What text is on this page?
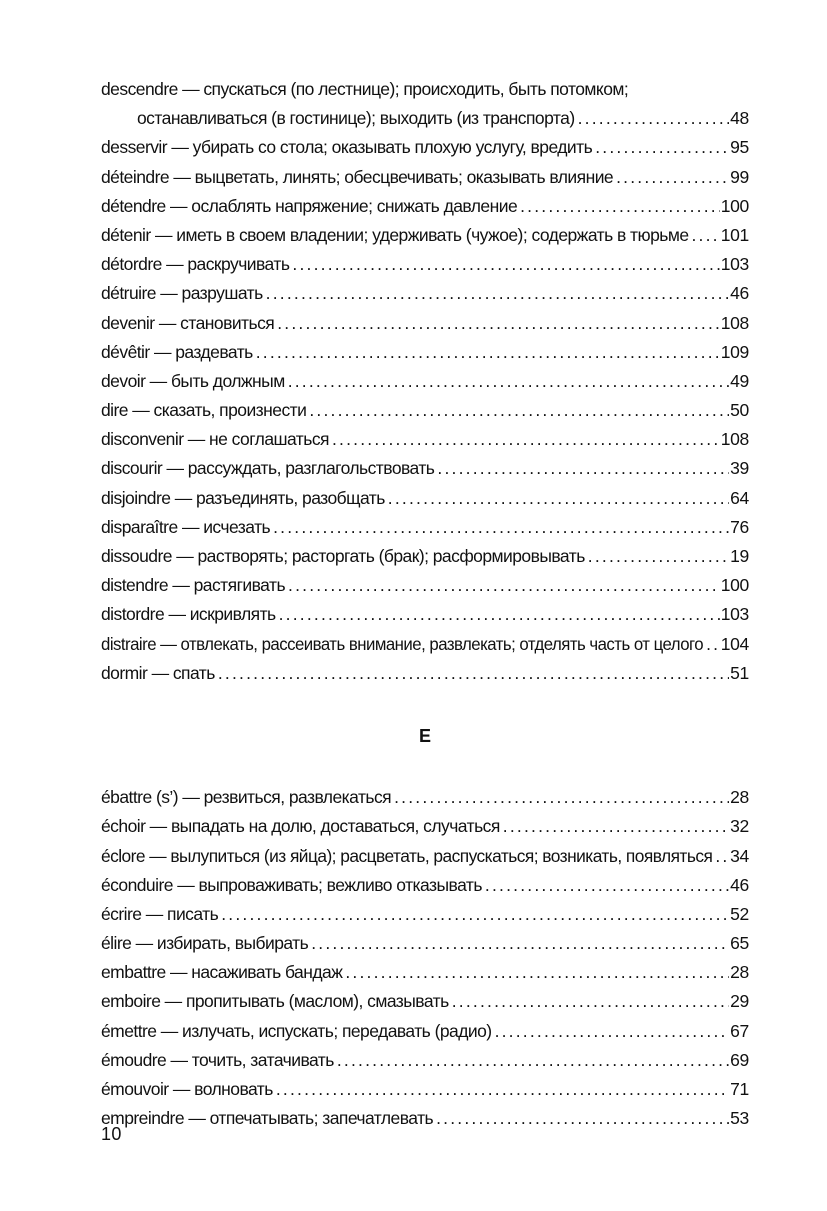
descendre — спускаться (по лестнице); происходить, быть потомком;
останавливаться (в гостинице); выходить (из транспорта) .....	48
desservir — убирать со стола; оказывать плохую услугу, вредить .....	95
déteindre — выцветать, линять; обесцвечивать; оказывать влияние .....	99
détendre — ослаблять напряжение; снижать давление .....	100
détenir — иметь в своем владении; удерживать (чужое); содержать в тюрьме ..... 101
détordre — раскручивать .....	103
détruire — разрушать .....	46
devenir — становиться .....	108
dévêtir — раздевать .....	109
devoir — быть должным .....	49
dire — сказать, произнести .....	50
disconvenir — не соглашаться .....	108
discourir — рассуждать, разглагольствовать .....	39
disjoindre — разъединять, разобщать .....	64
disparaître — исчезать .....	76
dissoudre — растворять; расторгать (брак); расформировывать .....	19
distendre — растягивать .....	100
distordre — искривлять .....	103
distraire — отвлекать, рассеивать внимание, развлекать; отделять часть от целого ..... 104
dormir — спать .....	51
E
ébattre (s’) — резвиться, развлекаться .....	28
échoir — выпадать на долю, доставаться, случаться .....	32
éclore — вылупиться (из яйца); расцветать, распускаться; возникать, появляться ..... 34
éconduire — выпроваживать; вежливо отказывать .....	46
écrire — писать .....	52
élire — избирать, выбирать .....	65
embattre — насаживать бандаж .....	28
emboire — пропитывать (маслом), смазывать .....	29
émettre — излучать, испускать; передавать (радио) .....	67
émoudre — точить, затачивать .....	69
émouvoir — волновать .....	71
empreindre — отпечатывать; запечатлевать .....	53
10
